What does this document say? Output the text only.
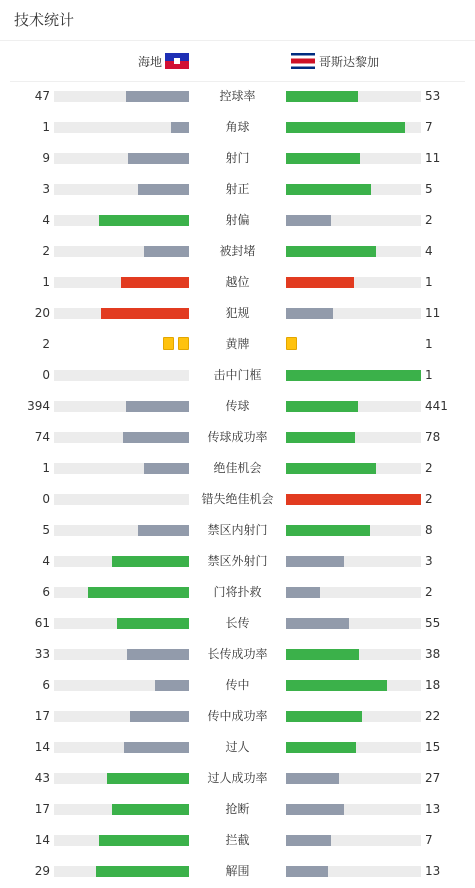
技术统计
海地	哥斯达黎加
47	控球率	53
1	角球	7
9	射门	11
3	射正	5
4	射偏	2
2	被封堵	4
1	越位	1
20	犯规	11
2	黄牌	1
0	击中门框	1
394	传球	441
74	传球成功率	78
1	绝佳机会	2
0	错失绝佳机会	2
5	禁区内射门	8
4	禁区外射门	3
6	门将扑救	2
61	长传	55
33	长传成功率	38
6	传中	18
17	传中成功率	22
14	过人	15
43	过人成功率	27
17	抢断	13
14	拦截	7
29	解围	13
